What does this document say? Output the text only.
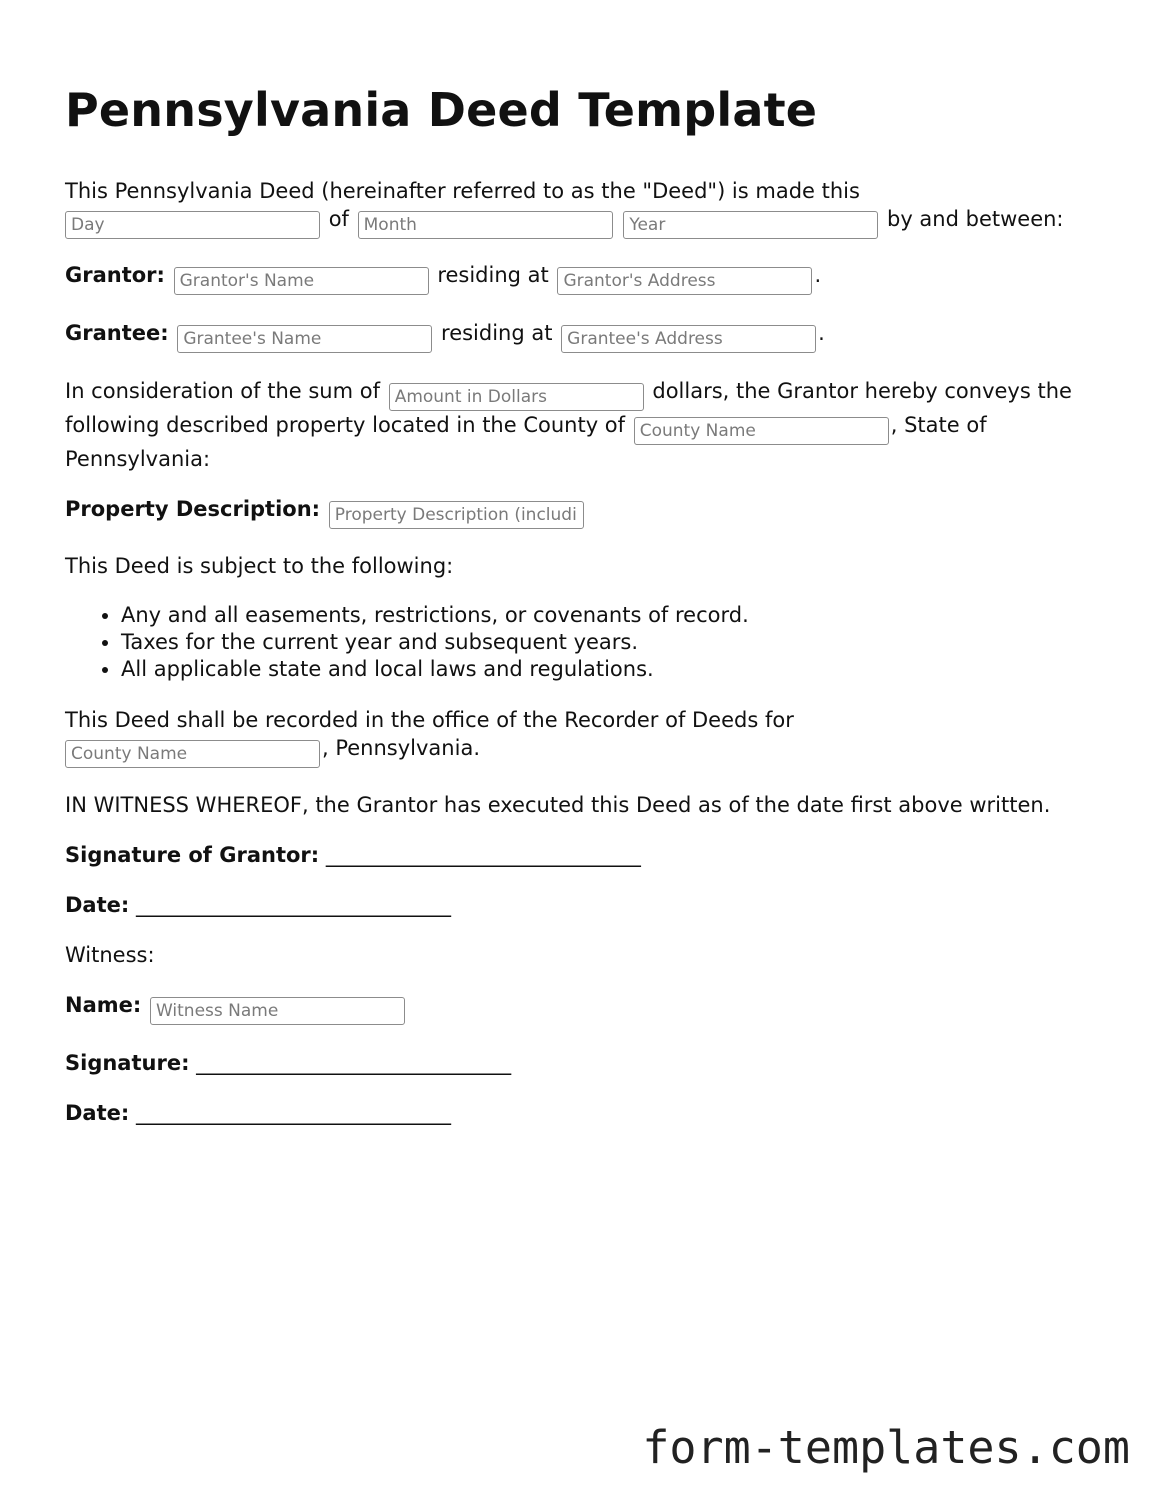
Pennsylvania Deed Template

This Pennsylvania Deed (hereinafter referred to as the "Deed") is made this
Day of Month Year	by and between:

Grantor: Grantor's Name	residing at Grantor's Address	.

Grantee: Grantee's Name	residing at Grantee's Address	.

In consideration of the sum of Amount in Dollars	dollars, the Grantor hereby conveys the following described property located in the County of County Name	, State of Pennsylvania:

Property Description: Property Description (including legal description)

This Deed is subject to the following:

• Any and all easements, restrictions, or covenants of record.
• Taxes for the current year and subsequent years.
• All applicable state and local laws and regulations.

This Deed shall be recorded in the office of the Recorder of Deeds for
County Name, Pennsylvania.

IN WITNESS WHEREOF, the Grantor has executed this Deed as of the date first above written.

Signature of Grantor: ______________________________

Date: ______________________________

Witness:

Name: Witness Name

Signature: ______________________________

Date: ______________________________

form-templates.com
